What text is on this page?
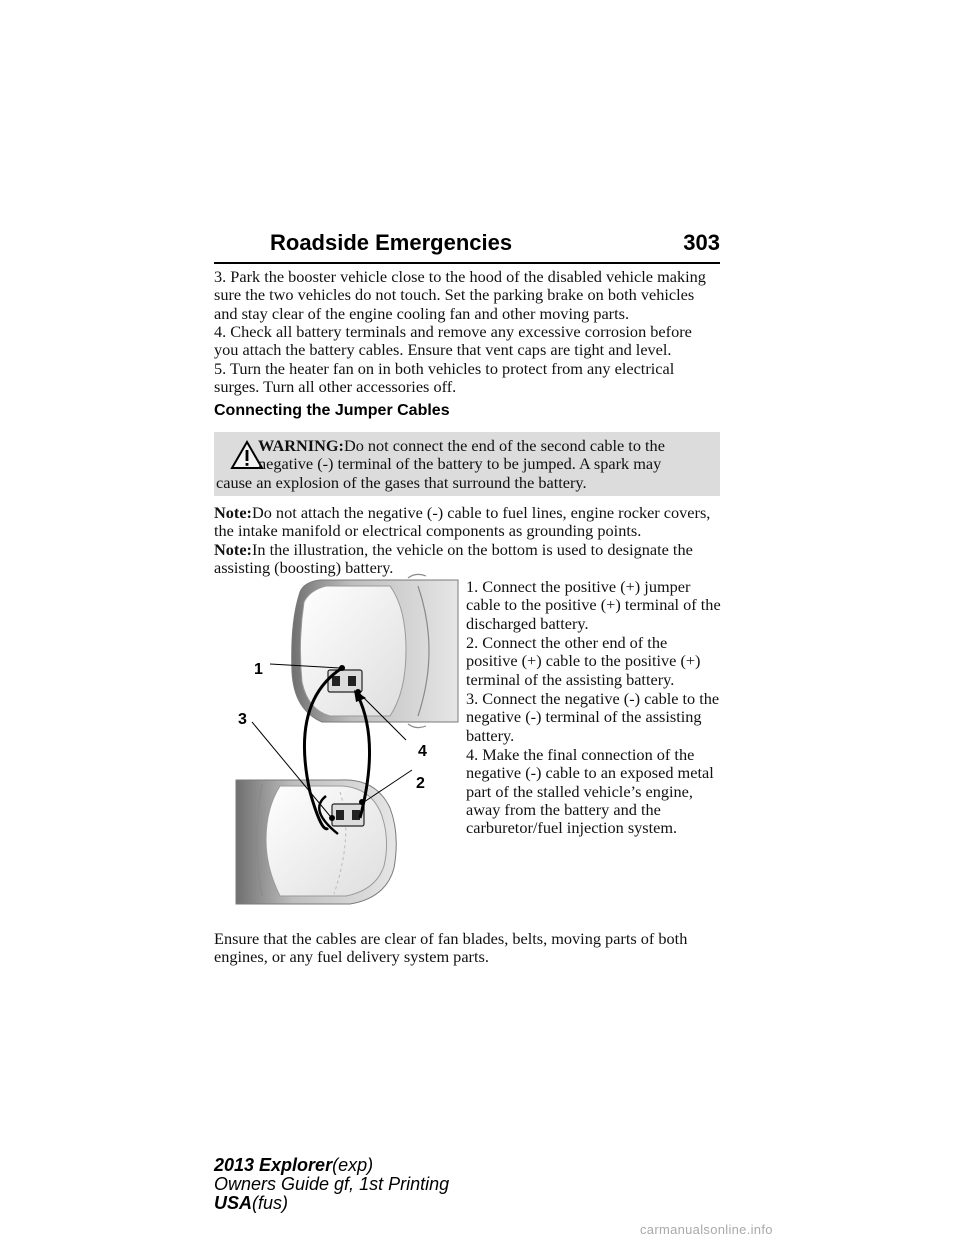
Roadside Emergencies	303

3. Park the booster vehicle close to the hood of the disabled vehicle making sure the two vehicles do not touch. Set the parking brake on both vehicles and stay clear of the engine cooling fan and other moving parts.

4. Check all battery terminals and remove any excessive corrosion before you attach the battery cables. Ensure that vent caps are tight and level.

5. Turn the heater fan on in both vehicles to protect from any electrical surges. Turn all other accessories off.

Connecting the Jumper Cables
WARNING:Do not connect the end of the second cable to the
negative (-) terminal of the battery to be jumped. A spark may
cause an explosion of the gases that surround the battery.

Note:Do not attach the negative (-) cable to fuel lines, engine rocker covers, the intake manifold or electrical components as grounding points.

Note:In the illustration, the vehicle on the bottom is used to designate the assisting (boosting) battery.

1
2
3
4

1. Connect the positive (+) jumper cable to the positive (+) terminal of the discharged battery.

2. Connect the other end of the positive (+) cable to the positive (+) terminal of the assisting battery.

3. Connect the negative (-) cable to the negative (-) terminal of the assisting battery.

4. Make the final connection of the negative (-) cable to an exposed metal part of the stalled vehicle’s engine, away from the battery and the carburetor/fuel injection system.

Ensure that the cables are clear of fan blades, belts, moving parts of both engines, or any fuel delivery system parts.

2013 Explorer(exp)
Owners Guide gf, 1st Printing
USA(fus)
carmanualsonline.info
